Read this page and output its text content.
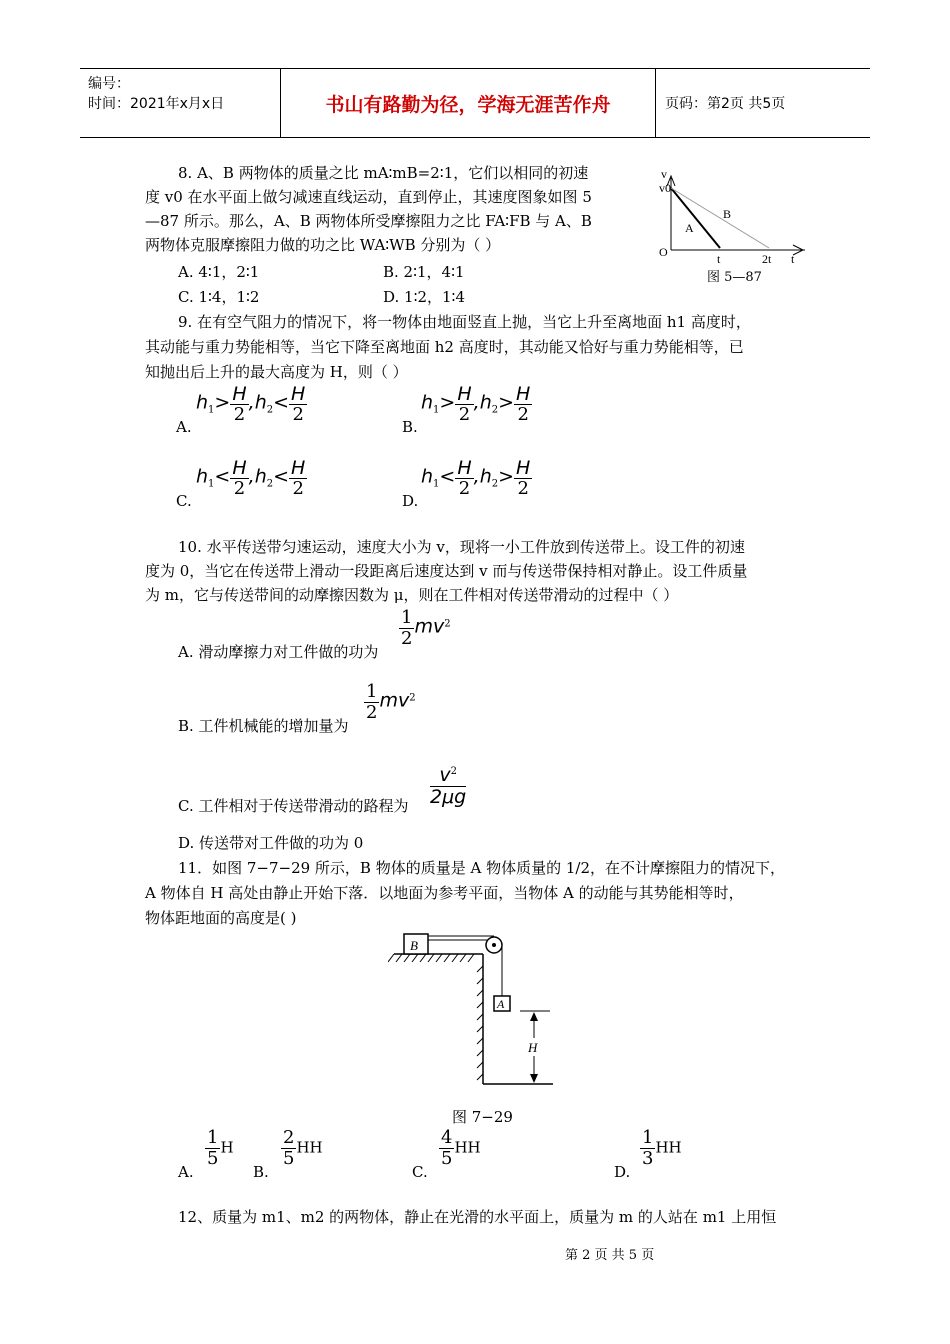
编号：
时间：2021年x月x日	书山有路勤为径，学海无涯苦作舟	页码：第2页 共5页
8. A、B 两物体的质量之比 mA∶mB=2∶1，它们以相同的初速
度 v0 在水平面上做匀减速直线运动，直到停止，其速度图象如图 5
—87 所示。那么，A、B 两物体所受摩擦阻力之比 FA∶FB 与 A、B
两物体克服摩擦阻力做的功之比 WA∶WB 分别为（ ）
A. 4∶1，2∶1	B. 2∶1，4∶1
C. 1∶4，1∶2	D. 1∶2，1∶4
v
v0
O
A
B
t	2t t
图 5—87
9. 在有空气阻力的情况下，将一物体由地面竖直上抛，当它上升至离地面 h1 高度时，
其动能与重力势能相等，当它下降至离地面 h2 高度时，其动能又恰好与重力势能相等，已
知抛出后上升的最大高度为 H，则（ ）
A.
$h_1> \frac{H}{2} ,h_2< \frac{H}{2}$
B.
$h_1> \frac{H}{2} ,h_2> \frac{H}{2}$
C.
$h_1< \frac{H}{2} ,h_2< \frac{H}{2}$
D.
$h_1< \frac{H}{2} ,h_2> \frac{H}{2}$
10. 水平传送带匀速运动，速度大小为 v，现将一小工件放到传送带上。设工件的初速
度为 0，当它在传送带上滑动一段距离后速度达到 v 而与传送带保持相对静止。设工件质量
为 m，它与传送带间的动摩擦因数为 μ，则在工件相对传送带滑动的过程中（ ）
A. 滑动摩擦力对工件做的功为
$\frac{1}{2} mv^2$
B. 工件机械能的增加量为
$\frac{1}{2} mv^2$
C. 工件相对于传送带滑动的路程为 $\frac{v^2}{2\mu g}$
D. 传送带对工件做的功为 0
11．如图 7−7−29 所示，B 物体的质量是 A 物体质量的 1/2，在不计摩擦阻力的情况下，
A 物体自 H 高处由静止开始下落．以地面为参考平面，当物体 A 的动能与其势能相等时，
物体距地面的高度是( )
B
A
H
图 7−29
A.
$\frac{1}{5}$ H
B.
$\frac{2}{5}$ HH
C.
$\frac{4}{5}$ HH
D.
$\frac{1}{3}$ HH
12、质量为 m1、m2 的两物体，静止在光滑的水平面上，质量为 m 的人站在 m1 上用恒
第 2 页 共 5 页
